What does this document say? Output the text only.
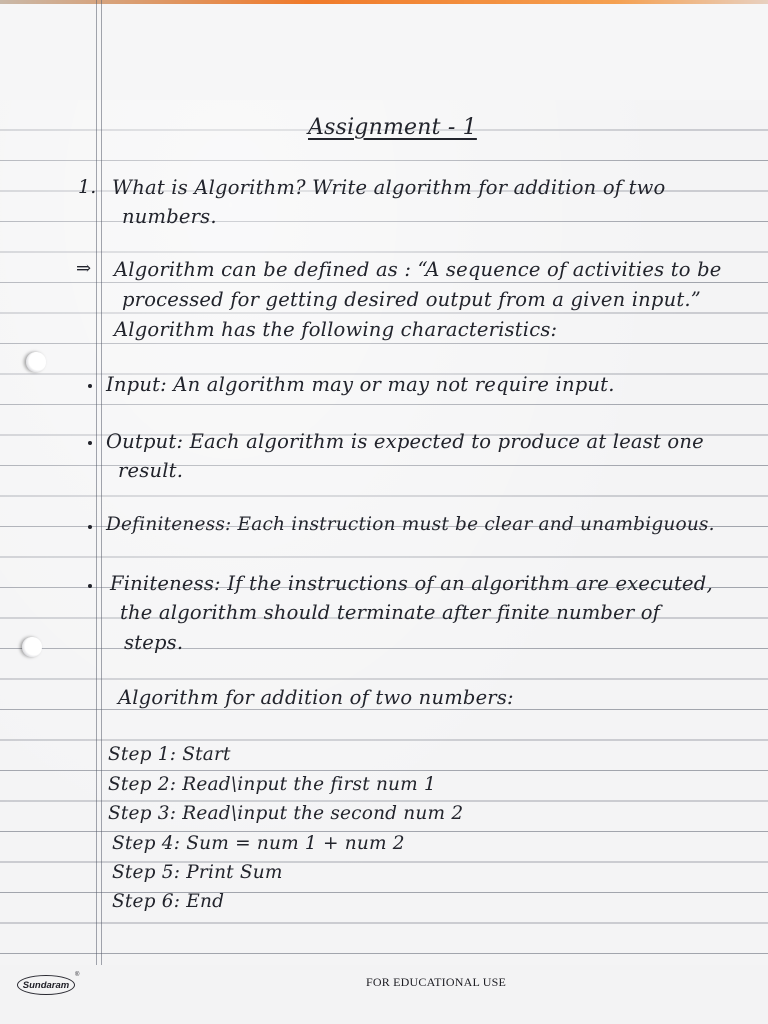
Assignment - 1
1. What is Algorithm? Write algorithm for addition of two
numbers.
⇒ Algorithm can be defined as : “A sequence of activities to be
processed for getting desired output from a given input.”
Algorithm has the following characteristics:
Input: An algorithm may or may not require input.
Output: Each algorithm is expected to produce at least one
result.
Definiteness: Each instruction must be clear and unambiguous.
Finiteness: If the instructions of an algorithm are executed,
the algorithm should terminate after finite number of
steps.
Algorithm for addition of two numbers:
Step 1: Start
Step 2: Read\input the first num 1
Step 3: Read\input the second num 2
Step 4: Sum = num 1 + num 2
Step 5: Print Sum
Step 6: End
Sundaram
®	FOR EDUCATIONAL USE
